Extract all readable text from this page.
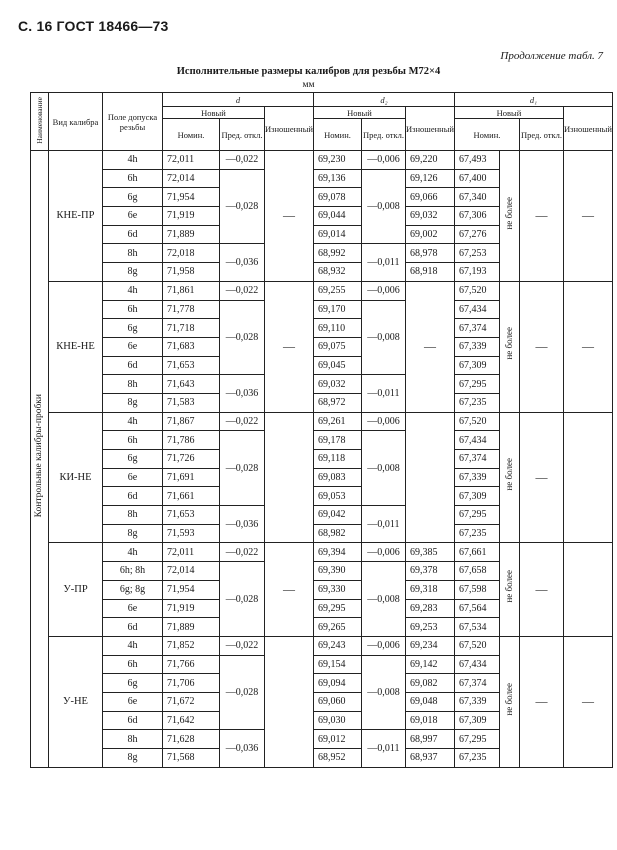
С. 16 ГОСТ 18466—73
Продолжение табл. 7
Исполнительные размеры калибров для резьбы М72×4
мм
Наименование	Вид калибра	Поле допуска резьбы	d			d₂			d₁			
			Новый		Изношенный	Новый		Изношенный	Новый			Изношенный
			Номин.	Пред. откл.		Номин.	Пред. откл.		Номин.		Пред. откл.	
Контрольные калибры-пробки	КНЕ-ПР	4h	72,011	—0,022	—	69,230	—0,006	69,220	67,493	не более	—	—
		6h	72,014	—0,028		69,136	—0,008	69,126	67,400			
		6g	71,954			69,078		69,066	67,340			
		6e	71,919			69,044		69,032	67,306			
		6d	71,889			69,014		69,002	67,276			
		8h	72,018	—0,036		68,992	—0,011	68,978	67,253			
		8g	71,958			68,932		68,918	67,193			
	КНЕ-НЕ	4h	71,861	—0,022	—	69,255	—0,006	—	67,520	не более	—	—
		6h	71,778	—0,028		69,170	—0,008		67,434			
		6g	71,718			69,110			67,374			
		6e	71,683			69,075			67,339			
		6d	71,653			69,045			67,309			
		8h	71,643	—0,036		69,032	—0,011		67,295			
		8g	71,583			68,972			67,235			
	КИ-НЕ	4h	71,867	—0,022		69,261	—0,006		67,520	не более	—	
		6h	71,786	—0,028		69,178	—0,008		67,434			
		6g	71,726			69,118			67,374			
		6e	71,691			69,083			67,339			
		6d	71,661			69,053			67,309			
		8h	71,653	—0,036		69,042	—0,011		67,295			
		8g	71,593			68,982			67,235			
	У-ПР	4h	72,011	—0,022	—	69,394	—0,006	69,385	67,661	не более	—	
		6h; 8h	72,014	—0,028		69,390	—0,008	69,378	67,658			
		6g; 8g	71,954			69,330		69,318	67,598			
		6e	71,919			69,295		69,283	67,564			
		6d	71,889			69,265		69,253	67,534			
	У-НЕ	4h	71,852	—0,022		69,243	—0,006	69,234	67,520	не более	—	—
		6h	71,766	—0,028		69,154	—0,008	69,142	67,434			
		6g	71,706			69,094		69,082	67,374			
		6e	71,672			69,060		69,048	67,339			
		6d	71,642			69,030		69,018	67,309			
		8h	71,628	—0,036		69,012	—0,011	68,997	67,295			
		8g	71,568			68,952		68,937	67,235			
